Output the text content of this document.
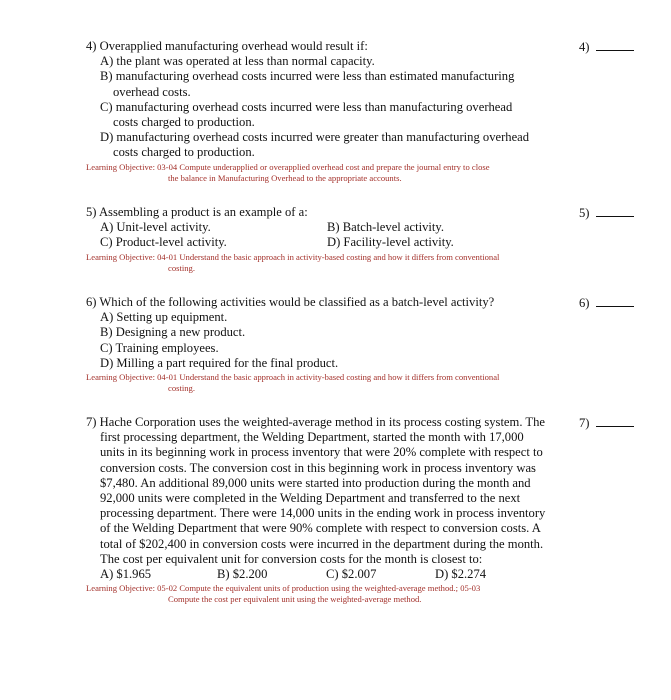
4)

4) Overapplied manufacturing overhead would result if:

A) the plant was operated at less than normal capacity.

B) manufacturing overhead costs incurred were less than estimated manufacturing

overhead costs.

C) manufacturing overhead costs incurred were less than manufacturing overhead

costs charged to production.

D) manufacturing overhead costs incurred were greater than manufacturing overhead

costs charged to production.

Learning Objective: 03-04 Compute underapplied or overapplied overhead cost and prepare the journal entry to close
the balance in Manufacturing Overhead to the appropriate accounts.
5)

5) Assembling a product is an example of a:

A) Unit-level activity.	B) Batch-level activity.
C) Product-level activity.	D) Facility-level activity.
Learning Objective: 04-01 Understand the basic approach in activity-based costing and how it differs from conventional
costing.
6)

6) Which of the following activities would be classified as a batch-level activity?

A) Setting up equipment.

B) Designing a new product.

C) Training employees.

D) Milling a part required for the final product.

Learning Objective: 04-01 Understand the basic approach in activity-based costing and how it differs from conventional
costing.
7)

7) Hache Corporation uses the weighted-average method in its process costing system. The

first processing department, the Welding Department, started the month with 17,000

units in its beginning work in process inventory that were 20% complete with respect to

conversion costs. The conversion cost in this beginning work in process inventory was

$7,480. An additional 89,000 units were started into production during the month and

92,000 units were completed in the Welding Department and transferred to the next

processing department. There were 14,000 units in the ending work in process inventory

of the Welding Department that were 90% complete with respect to conversion costs. A

total of $202,400 in conversion costs were incurred in the department during the month.

The cost per equivalent unit for conversion costs for the month is closest to:

A) $1.965	B) $2.200	C) $2.007	D) $2.274
Learning Objective: 05-02 Compute the equivalent units of production using the weighted-average method.; 05-03
Compute the cost per equivalent unit using the weighted-average method.
